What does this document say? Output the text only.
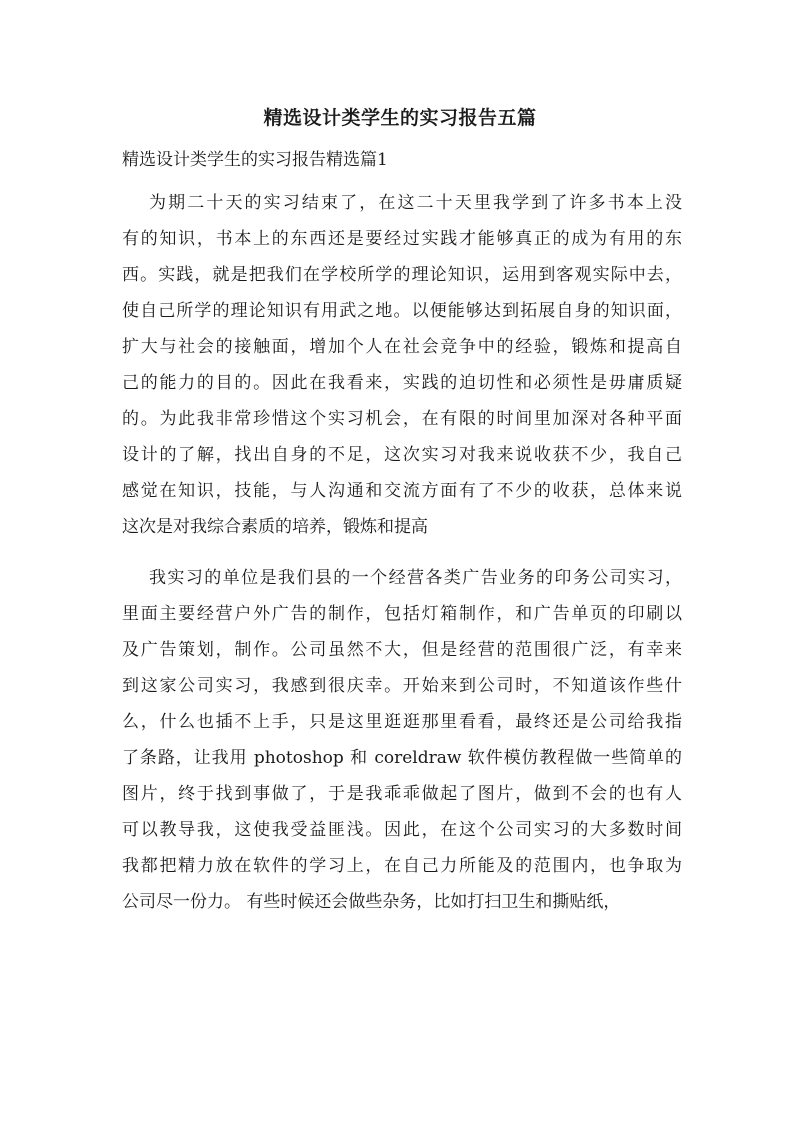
精选设计类学生的实习报告五篇
精选设计类学生的实习报告精选篇1
为期二十天的实习结束了，在这二十天里我学到了许多书本上没
有的知识，书本上的东西还是要经过实践才能够真正的成为有用的东
西。实践，就是把我们在学校所学的理论知识，运用到客观实际中去，
使自己所学的理论知识有用武之地。以便能够达到拓展自身的知识面，
扩大与社会的接触面，增加个人在社会竞争中的经验，锻炼和提高自
己的能力的目的。因此在我看来，实践的迫切性和必须性是毋庸质疑
的。为此我非常珍惜这个实习机会，在有限的时间里加深对各种平面
设计的了解，找出自身的不足，这次实习对我来说收获不少，我自己
感觉在知识，技能，与人沟通和交流方面有了不少的收获，总体来说
这次是对我综合素质的培养，锻炼和提高
我实习的单位是我们县的一个经营各类广告业务的印务公司实习，
里面主要经营户外广告的制作，包括灯箱制作，和广告单页的印刷以
及广告策划，制作。公司虽然不大，但是经营的范围很广泛，有幸来
到这家公司实习，我感到很庆幸。开始来到公司时，不知道该作些什
么，什么也插不上手，只是这里逛逛那里看看，最终还是公司给我指
了条路，让我用 photoshop 和 coreldraw 软件模仿教程做一些简单的
图片，终于找到事做了，于是我乖乖做起了图片，做到不会的也有人
可以教导我，这使我受益匪浅。因此，在这个公司实习的大多数时间
我都把精力放在软件的学习上，在自己力所能及的范围内，也争取为
公司尽一份力。 有些时候还会做些杂务，比如打扫卫生和撕贴纸，
